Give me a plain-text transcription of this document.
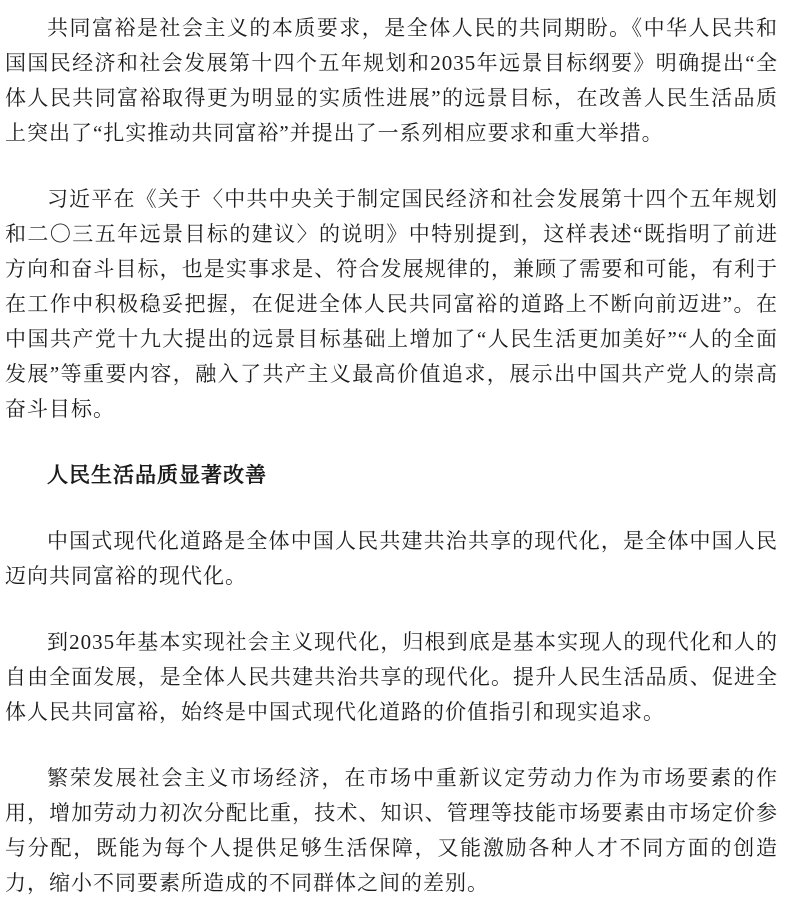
共同富裕是社会主义的本质要求，是全体人民的共同期盼。《中华人民共和国国民经济和社会发展第十四个五年规划和2035年远景目标纲要》明确提出“全体人民共同富裕取得更为明显的实质性进展”的远景目标，在改善人民生活品质上突出了“扎实推动共同富裕”并提出了一系列相应要求和重大举措。

习近平在《关于〈中共中央关于制定国民经济和社会发展第十四个五年规划和二〇三五年远景目标的建议〉的说明》中特别提到，这样表述“既指明了前进方向和奋斗目标，也是实事求是、符合发展规律的，兼顾了需要和可能，有利于在工作中积极稳妥把握，在促进全体人民共同富裕的道路上不断向前迈进”。在中国共产党十九大提出的远景目标基础上增加了“人民生活更加美好”“人的全面发展”等重要内容，融入了共产主义最高价值追求，展示出中国共产党人的崇高奋斗目标。

人民生活品质显著改善

中国式现代化道路是全体中国人民共建共治共享的现代化，是全体中国人民迈向共同富裕的现代化。

到2035年基本实现社会主义现代化，归根到底是基本实现人的现代化和人的自由全面发展，是全体人民共建共治共享的现代化。提升人民生活品质、促进全体人民共同富裕，始终是中国式现代化道路的价值指引和现实追求。

繁荣发展社会主义市场经济，在市场中重新议定劳动力作为市场要素的作用，增加劳动力初次分配比重，技术、知识、管理等技能市场要素由市场定价参与分配，既能为每个人提供足够生活保障，又能激励各种人才不同方面的创造力，缩小不同要素所造成的不同群体之间的差别。
